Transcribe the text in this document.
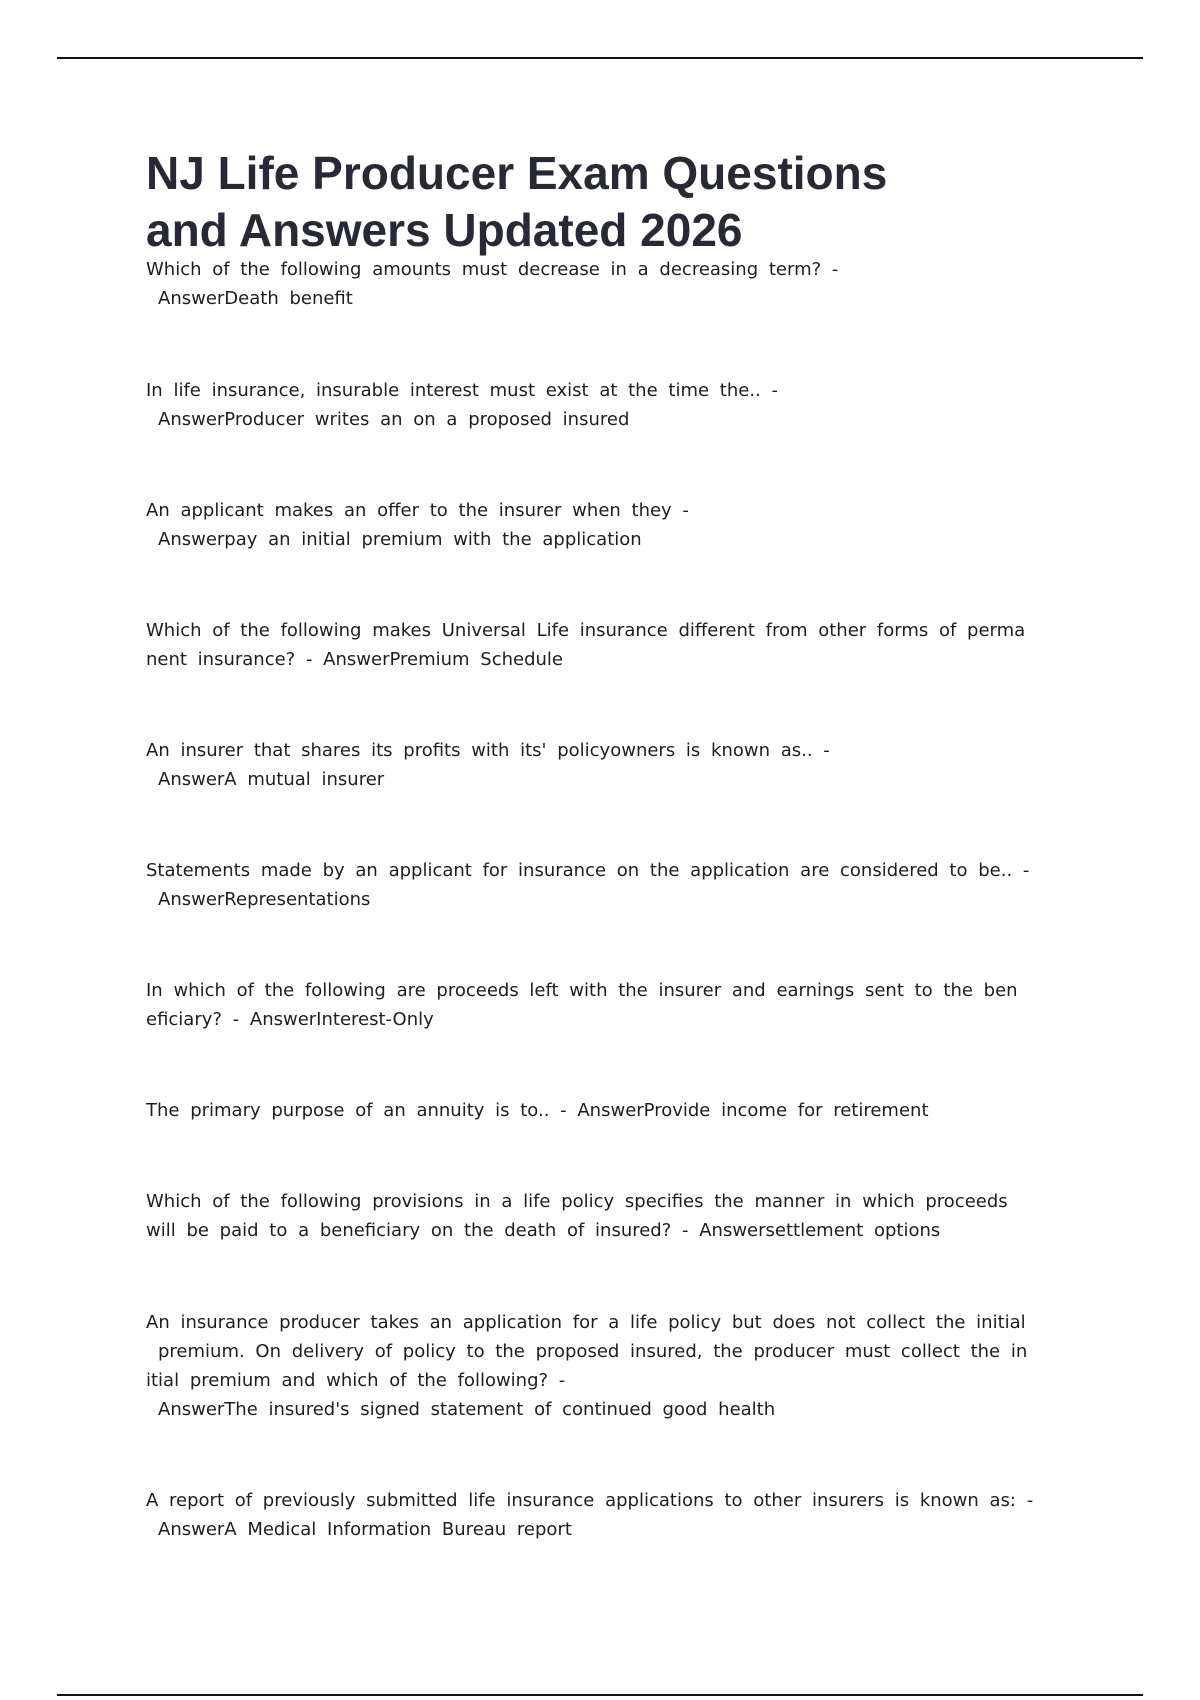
NJ Life Producer Exam Questions
and Answers Updated 2026
Which of the following amounts must decrease in a decreasing term? -
AnswerDeath benefit
In life insurance, insurable interest must exist at the time the.. -
AnswerProducer writes an on a proposed insured
An applicant makes an offer to the insurer when they -
Answerpay an initial premium with the application
Which of the following makes Universal Life insurance different from other forms of perma
nent insurance? - AnswerPremium Schedule
An insurer that shares its profits with its' policyowners is known as.. -
AnswerA mutual insurer
Statements made by an applicant for insurance on the application are considered to be.. -
AnswerRepresentations
In which of the following are proceeds left with the insurer and earnings sent to the ben
eficiary? - AnswerInterest-Only
The primary purpose of an annuity is to.. - AnswerProvide income for retirement
Which of the following provisions in a life policy specifies the manner in which proceeds
will be paid to a beneficiary on the death of insured? - Answersettlement options
An insurance producer takes an application for a life policy but does not collect the initial
premium. On delivery of policy to the proposed insured, the producer must collect the in
itial premium and which of the following? -
AnswerThe insured's signed statement of continued good health
A report of previously submitted life insurance applications to other insurers is known as: -
AnswerA Medical Information Bureau report
